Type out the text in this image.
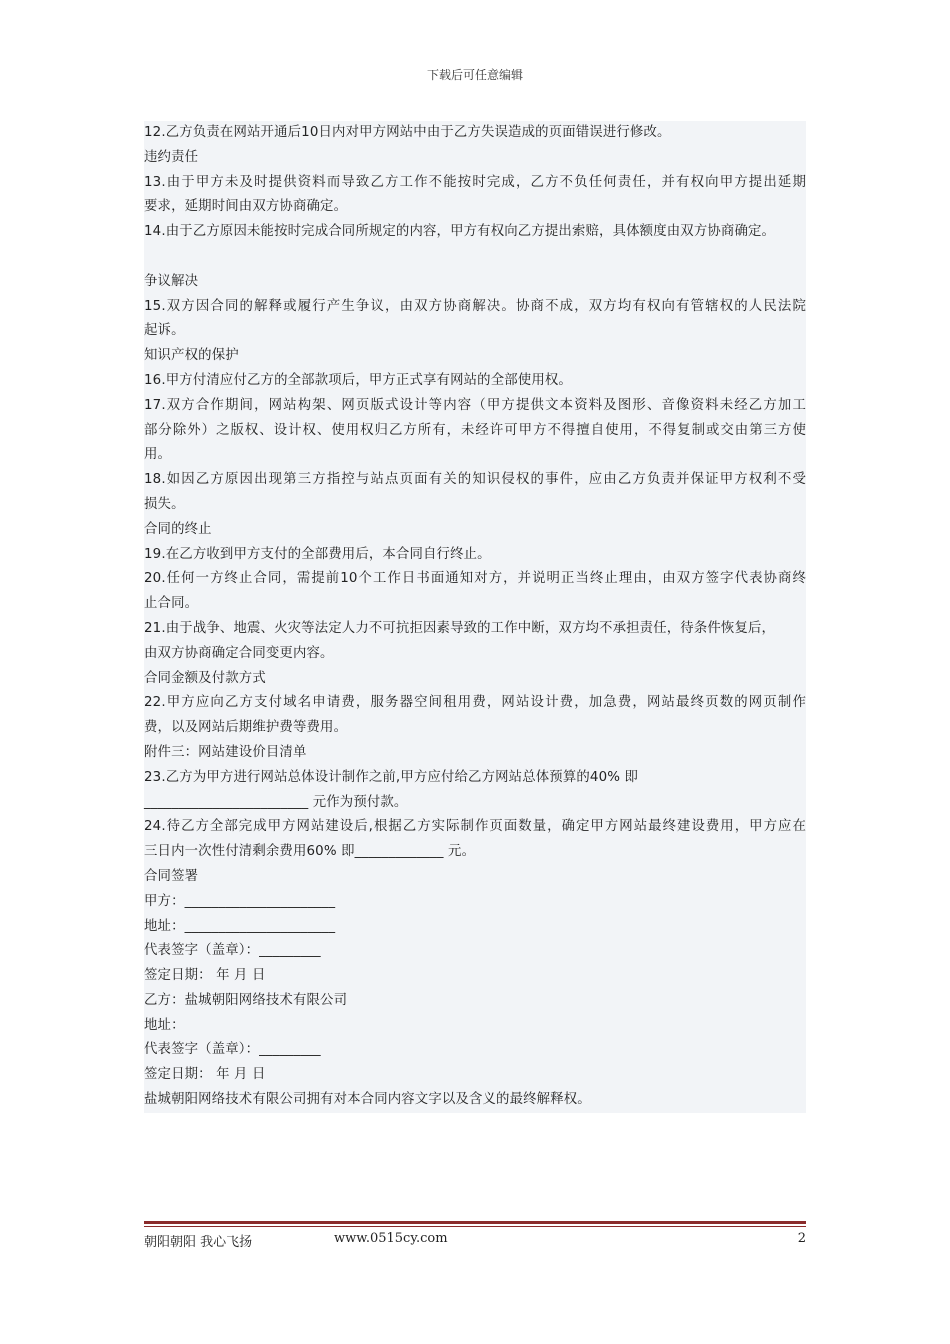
下载后可任意编辑
12.乙方负责在网站开通后10日内对甲方网站中由于乙方失误造成的页面错误进行修改。
违约责任
13.由于甲方未及时提供资料而导致乙方工作不能按时完成，乙方不负任何责任，并有权向甲方提出延期
要求，延期时间由双方协商确定。
14.由于乙方原因未能按时完成合同所规定的内容，甲方有权向乙方提出索赔，具体额度由双方协商确定。
争议解决
15.双方因合同的解释或履行产生争议，由双方协商解决。协商不成，双方均有权向有管辖权的人民法院
起诉。
知识产权的保护
16.甲方付清应付乙方的全部款项后，甲方正式享有网站的全部使用权。
17.双方合作期间，网站构架、网页版式设计等内容（甲方提供文本资料及图形、音像资料未经乙方加工
部分除外）之版权、设计权、使用权归乙方所有，未经许可甲方不得擅自使用，不得复制或交由第三方使
用。
18.如因乙方原因出现第三方指控与站点页面有关的知识侵权的事件，应由乙方负责并保证甲方权利不受
损失。
合同的终止
19.在乙方收到甲方支付的全部费用后，本合同自行终止。
20.任何一方终止合同，需提前10个工作日书面通知对方，并说明正当终止理由，由双方签字代表协商终
止合同。
21.由于战争、地震、火灾等法定人力不可抗拒因素导致的工作中断，双方均不承担责任，待条件恢复后，
由双方协商确定合同变更内容。
合同金额及付款方式
22.甲方应向乙方支付域名申请费，服务器空间租用费，网站设计费，加急费，网站最终页数的网页制作
费，以及网站后期维护费等费用。
附件三：网站建设价目清单
23.乙方为甲方进行网站总体设计制作之前,甲方应付给乙方网站总体预算的40% 即
________________________ 元作为预付款。
24.待乙方全部完成甲方网站建设后,根据乙方实际制作页面数量，确定甲方网站最终建设费用，甲方应在
三日内一次性付清剩余费用60% 即_____________ 元。
合同签署
甲方：______________________
地址：______________________
代表签字（盖章）：_________
签定日期： 年 月 日
乙方：盐城朝阳网络技术有限公司
地址：
代表签字（盖章）：_________
签定日期： 年 月 日
盐城朝阳网络技术有限公司拥有对本合同内容文字以及含义的最终解释权。
朝阳朝阳 我心飞扬	www.0515cy.com	2
